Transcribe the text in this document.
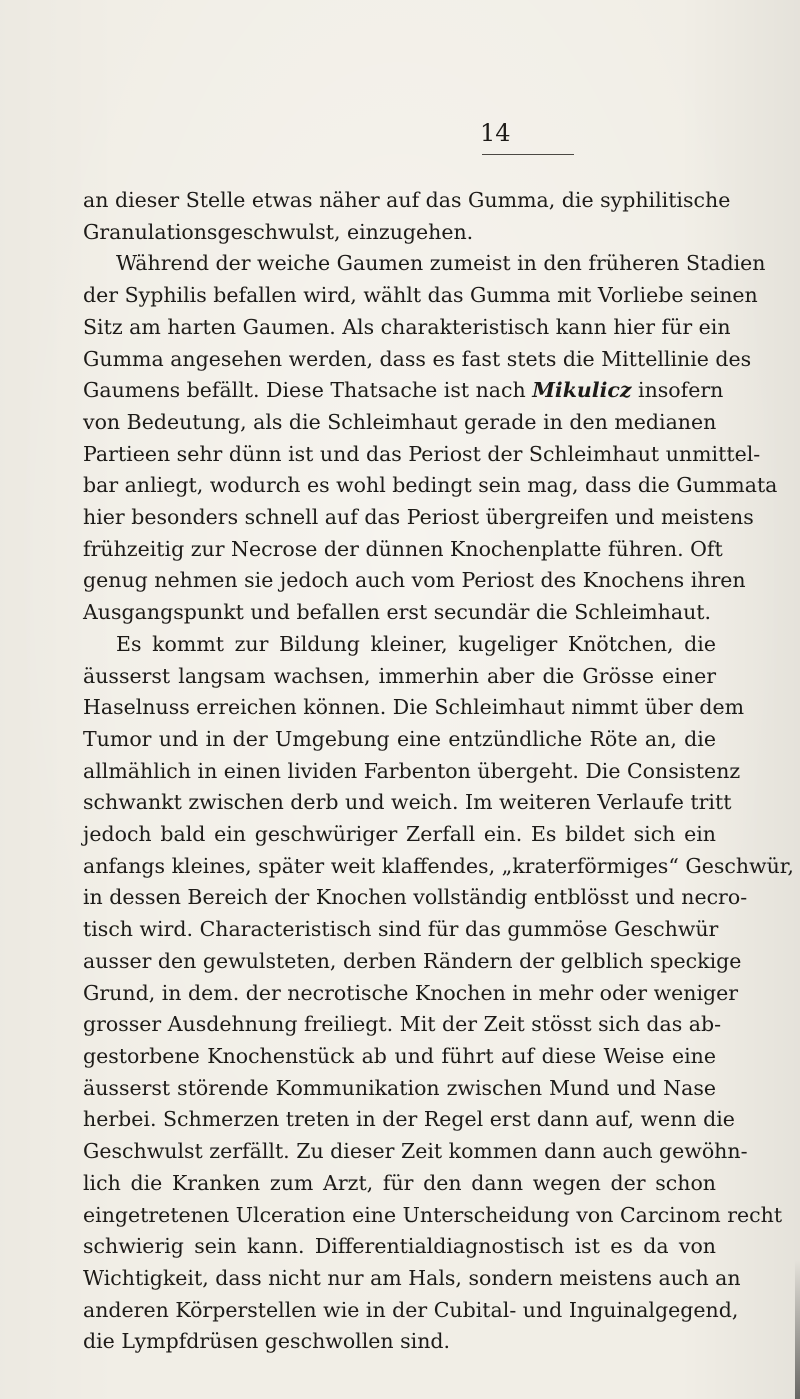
14
an dieser Stelle etwas näher auf das Gumma, die syphilitische
Granulationsgeschwulst, einzugehen.
Während der weiche Gaumen zumeist in den früheren Stadien
der Syphilis befallen wird, wählt das Gumma mit Vorliebe seinen
Sitz am harten Gaumen. Als charakteristisch kann hier für ein
Gumma angesehen werden, dass es fast stets die Mittellinie des
Gaumens befällt. Diese Thatsache ist nach Mikulicz insofern
von Bedeutung, als die Schleimhaut gerade in den medianen
Partieen sehr dünn ist und das Periost der Schleimhaut unmittel-
bar anliegt, wodurch es wohl bedingt sein mag, dass die Gummata
hier besonders schnell auf das Periost übergreifen und meistens
frühzeitig zur Necrose der dünnen Knochenplatte führen. Oft
genug nehmen sie jedoch auch vom Periost des Knochens ihren
Ausgangspunkt und befallen erst secundär die Schleimhaut.
Es kommt zur Bildung kleiner, kugeliger Knötchen, die
äusserst langsam wachsen, immerhin aber die Grösse einer
Haselnuss erreichen können. Die Schleimhaut nimmt über dem
Tumor und in der Umgebung eine entzündliche Röte an, die
allmählich in einen lividen Farbenton übergeht. Die Consistenz
schwankt zwischen derb und weich. Im weiteren Verlaufe tritt
jedoch bald ein geschwüriger Zerfall ein. Es bildet sich ein
anfangs kleines, später weit klaffendes, „kraterförmiges“ Geschwür,
in dessen Bereich der Knochen vollständig entblösst und necro-
tisch wird. Characteristisch sind für das gummöse Geschwür
ausser den gewulsteten, derben Rändern der gelblich speckige
Grund, in dem. der necrotische Knochen in mehr oder weniger
grosser Ausdehnung freiliegt. Mit der Zeit stösst sich das ab-
gestorbene Knochenstück ab und führt auf diese Weise eine
äusserst störende Kommunikation zwischen Mund und Nase
herbei. Schmerzen treten in der Regel erst dann auf, wenn die
Geschwulst zerfällt. Zu dieser Zeit kommen dann auch gewöhn-
lich die Kranken zum Arzt, für den dann wegen der schon
eingetretenen Ulceration eine Unterscheidung von Carcinom recht
schwierig sein kann. Differentialdiagnostisch ist es da von
Wichtigkeit, dass nicht nur am Hals, sondern meistens auch an
anderen Körperstellen wie in der Cubital- und Inguinalgegend,
die Lympfdrüsen geschwollen sind.
